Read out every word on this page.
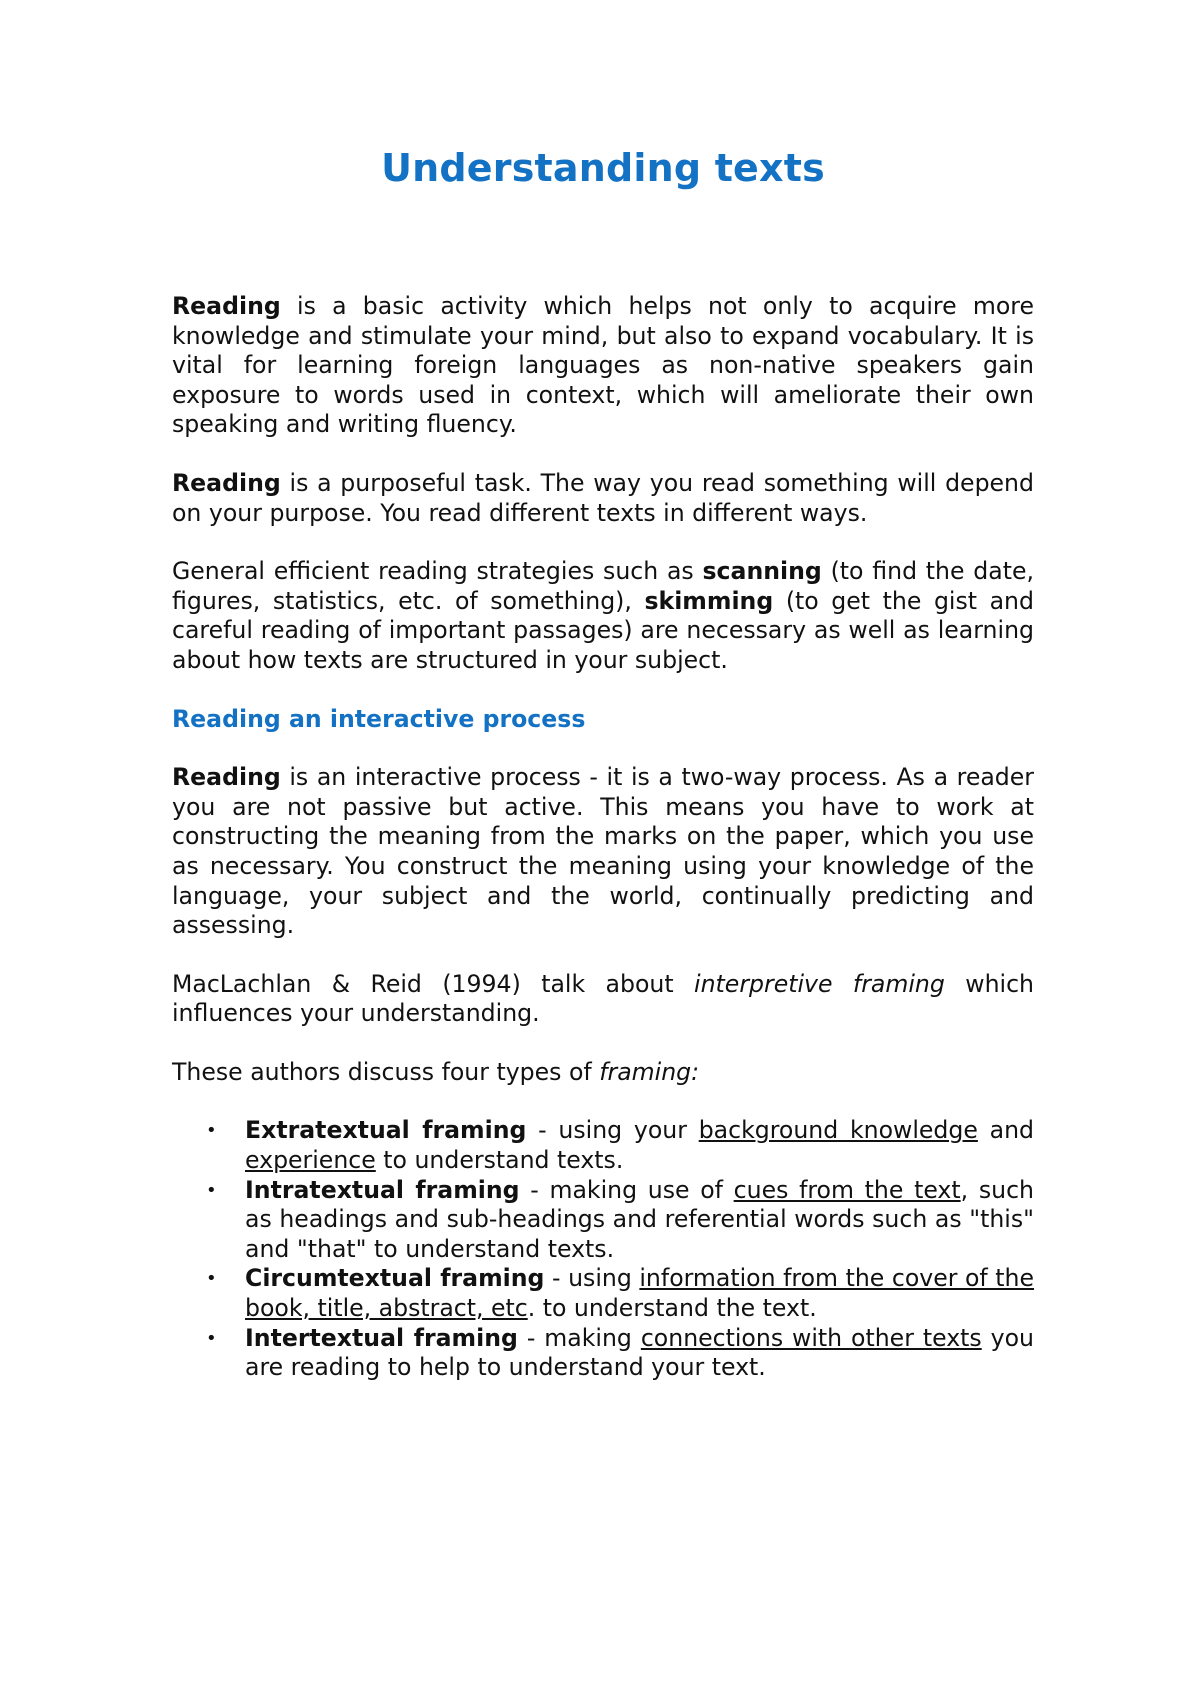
Understanding texts

Reading is a basic activity which helps not only to acquire more knowledge and stimulate your mind, but also to expand vocabulary. It is vital for learning foreign languages as non-native speakers gain exposure to words used in context, which will ameliorate their own speaking and writing fluency.

Reading is a purposeful task. The way you read something will depend on your purpose. You read different texts in different ways.

General efficient reading strategies such as scanning (to find the date, figures, statistics, etc. of something), skimming (to get the gist and careful reading of important passages) are necessary as well as learning about how texts are structured in your subject.

Reading an interactive process

Reading is an interactive process - it is a two-way process. As a reader you are not passive but active. This means you have to work at constructing the meaning from the marks on the paper, which you use as necessary. You construct the meaning using your knowledge of the language, your subject and the world, continually predicting and assessing.

MacLachlan & Reid (1994) talk about interpretive framing which influences your understanding.

These authors discuss four types of framing:

• Extratextual framing - using your background knowledge and experience to understand texts.
• Intratextual framing - making use of cues from the text, such as headings and sub-headings and referential words such as "this" and "that" to understand texts.
• Circumtextual framing - using information from the cover of the book, title, abstract, etc. to understand the text.
• Intertextual framing - making connections with other texts you are reading to help to understand your text.
